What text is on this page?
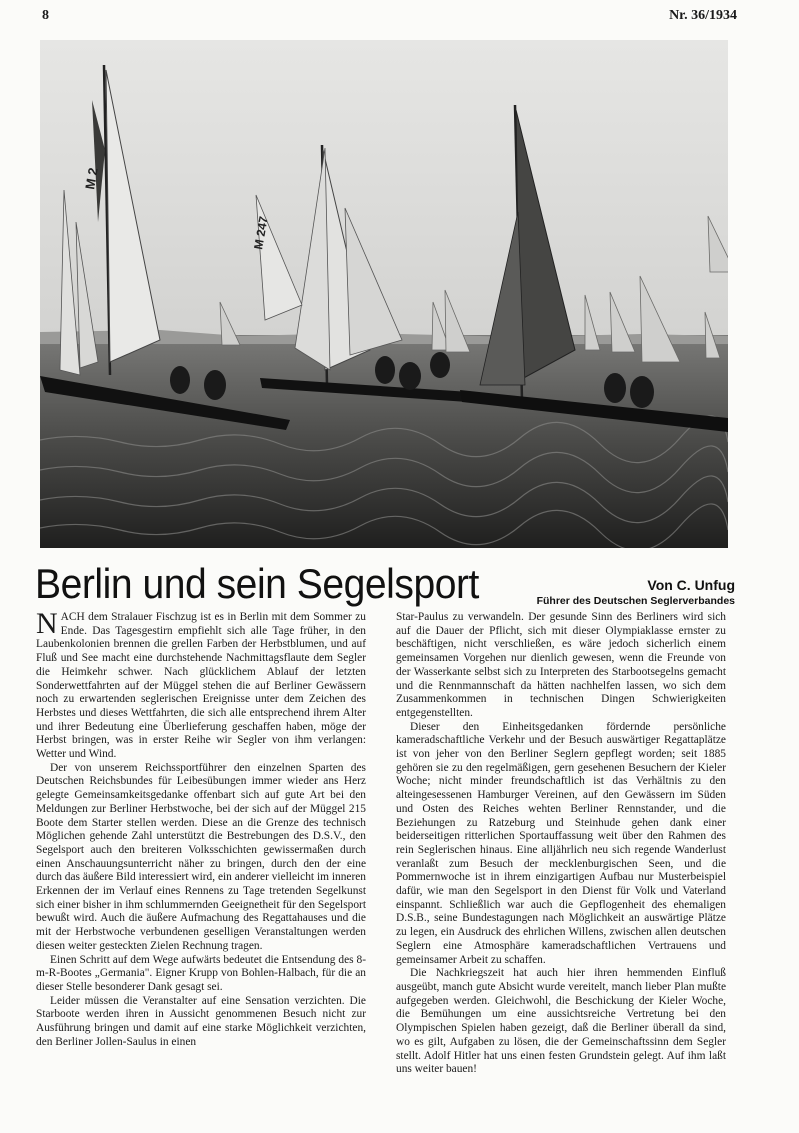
8	Nr. 36/1934
M 2
M 247
Berlin und sein Segelsport	Von C. Unfug
Führer des Deutschen Seglerverbandes

NACH dem Stralauer Fischzug ist es in Berlin mit dem Sommer zu Ende. Das Tagesgestirn empfiehlt sich alle Tage früher, in den Laubenkolonien brennen die grellen Farben der Herbstblumen, und auf Fluß und See macht eine durchstehende Nachmittagsflaute dem Segler die Heimkehr schwer. Nach glücklichem Ablauf der letzten Sonderwettfahrten auf der Müggel stehen die auf Berliner Gewässern noch zu erwartenden seglerischen Ereignisse unter dem Zeichen des Herbstes und dieses Wettfahrten, die sich alle entsprechend ihrem Alter und ihrer Bedeutung eine Überlieferung geschaffen haben, möge der Herbst bringen, was in erster Reihe wir Segler von ihm verlangen: Wetter und Wind.

Der von unserem Reichssportführer den einzelnen Sparten des Deutschen Reichsbundes für Leibesübungen immer wieder ans Herz gelegte Gemeinsamkeitsgedanke offenbart sich auf gute Art bei den Meldungen zur Berliner Herbstwoche, bei der sich auf der Müggel 215 Boote dem Starter stellen werden. Diese an die Grenze des technisch Möglichen gehende Zahl unterstützt die Bestrebungen des D.S.V., den Segelsport auch den breiteren Volksschichten gewissermaßen durch einen Anschauungsunterricht näher zu bringen, durch den der eine durch das äußere Bild interessiert wird, ein anderer vielleicht im inneren Erkennen der im Verlauf eines Rennens zu Tage tretenden Segelkunst sich einer bisher in ihm schlummernden Geeignetheit für den Segelsport bewußt wird. Auch die äußere Aufmachung des Regattahauses und die mit der Herbstwoche verbundenen geselligen Veranstaltungen werden diesen weiter gesteckten Zielen Rechnung tragen.

Einen Schritt auf dem Wege aufwärts bedeutet die Entsendung des 8-m-R-Bootes „Germania". Eigner Krupp von Bohlen-Halbach, für die an dieser Stelle besonderer Dank gesagt sei.

Leider müssen die Veranstalter auf eine Sensation verzichten. Die Starboote werden ihren in Aussicht genommenen Besuch nicht zur Ausführung bringen und damit auf eine starke Möglichkeit verzichten, den Berliner Jollen-Saulus in einen

Star-Paulus zu verwandeln. Der gesunde Sinn des Berliners wird sich auf die Dauer der Pflicht, sich mit dieser Olympiaklasse ernster zu beschäftigen, nicht verschließen, es wäre jedoch sicherlich einem gemeinsamen Vorgehen nur dienlich gewesen, wenn die Freunde von der Wasserkante selbst sich zu Interpreten des Starbootsegelns gemacht und die Rennmannschaft da hätten nachhelfen lassen, wo sich dem Zusammenkommen in technischen Dingen Schwierigkeiten entgegenstellten.

Dieser den Einheitsgedanken fördernde persönliche kameradschaftliche Verkehr und der Besuch auswärtiger Regattaplätze ist von jeher von den Berliner Seglern gepflegt worden; seit 1885 gehören sie zu den regelmäßigen, gern gesehenen Besuchern der Kieler Woche; nicht minder freundschaftlich ist das Verhältnis zu den alteingesessenen Hamburger Vereinen, auf den Gewässern im Süden und Osten des Reiches wehten Berliner Rennstander, und die Beziehungen zu Ratzeburg und Steinhude gehen dank einer beiderseitigen ritterlichen Sportauffassung weit über den Rahmen des rein Seglerischen hinaus. Eine alljährlich neu sich regende Wanderlust veranlaßt zum Besuch der mecklenburgischen Seen, und die Pommernwoche ist in ihrem einzigartigen Aufbau nur Musterbeispiel dafür, wie man den Segelsport in den Dienst für Volk und Vaterland einspannt. Schließlich war auch die Gepflogenheit des ehemaligen D.S.B., seine Bundestagungen nach Möglichkeit an auswärtige Plätze zu legen, ein Ausdruck des ehrlichen Willens, zwischen allen deutschen Seglern eine Atmosphäre kameradschaftlichen Vertrauens und gemeinsamer Arbeit zu schaffen.

Die Nachkriegszeit hat auch hier ihren hemmenden Einfluß ausgeübt, manch gute Absicht wurde vereitelt, manch lieber Plan mußte aufgegeben werden. Gleichwohl, die Beschickung der Kieler Woche, die Bemühungen um eine aussichtsreiche Vertretung bei den Olympischen Spielen haben gezeigt, daß die Berliner überall da sind, wo es gilt, Aufgaben zu lösen, die der Gemeinschaftssinn dem Segler stellt. Adolf Hitler hat uns einen festen Grundstein gelegt. Auf ihm laßt uns weiter bauen!
